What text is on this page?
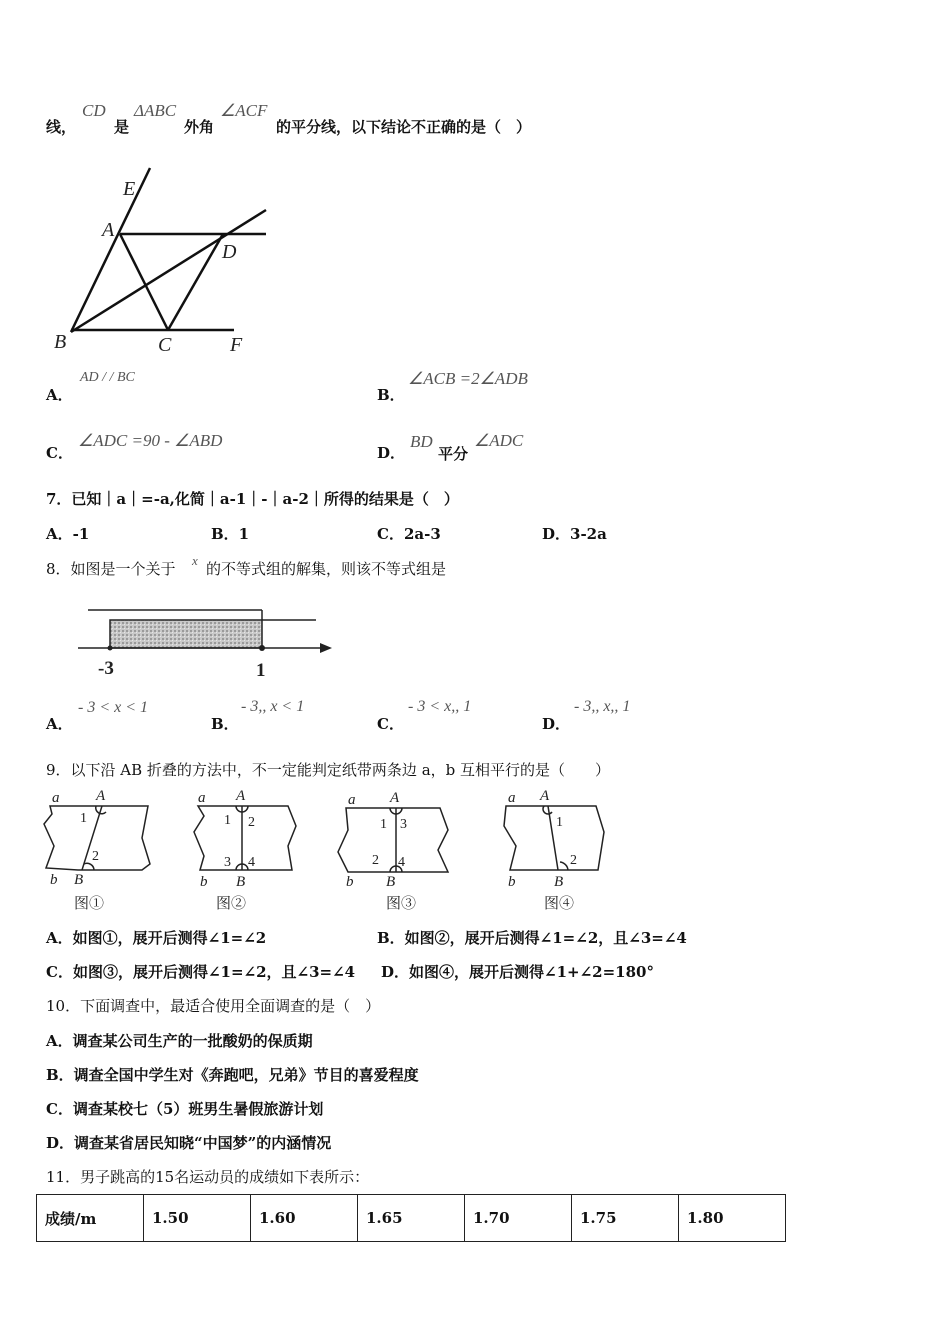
线，
CD
是
ΔABC
外角
∠ACF
的平分线，以下结论不正确的是（　）
E
A
D
B	C	F
A．
AD / / BC
B．
∠ACB =2∠ADB
C．
∠ADC =90 - ∠ABD
D．
BD
平分
∠ADC
7．已知｜a｜=-a,化简｜a-1｜-｜a-2｜所得的结果是（　）
A．-1	B．1	C．2a-3	D．3-2a
8．如图是一个关于 x 的不等式组的解集，则该不等式组是
-3	1
A．
- 3 < x < 1
B．
- 3,, x < 1
C．
- 3 < x,, 1
D．
- 3,, x,, 1
9．以下沿 AB 折叠的方法中，不一定能判定纸带两条边 a，b 互相平行的是（　　）
a A
b B
a A
b B
a A
b B
a A
b	B
1
2
1 2
3 4
1 3
2 4
1
2
图①	图②	图③	图④
A．如图①，展开后测得∠1=∠2	B．如图②，展开后测得∠1=∠2，且∠3=∠4
C．如图③，展开后测得∠1=∠2，且∠3=∠4 D．如图④，展开后测得∠1+∠2=180°
10．下面调查中，最适合使用全面调查的是（　）
A．调查某公司生产的一批酸奶的保质期
B．调查全国中学生对《奔跑吧，兄弟》节目的喜爱程度
C．调查某校七（5）班男生暑假旅游计划
D．调查某省居民知晓“中国梦”的内涵情况
11．男子跳高的15名运动员的成绩如下表所示：
成绩/m	1.50	1.60	1.65	1.70	1.75	1.80
